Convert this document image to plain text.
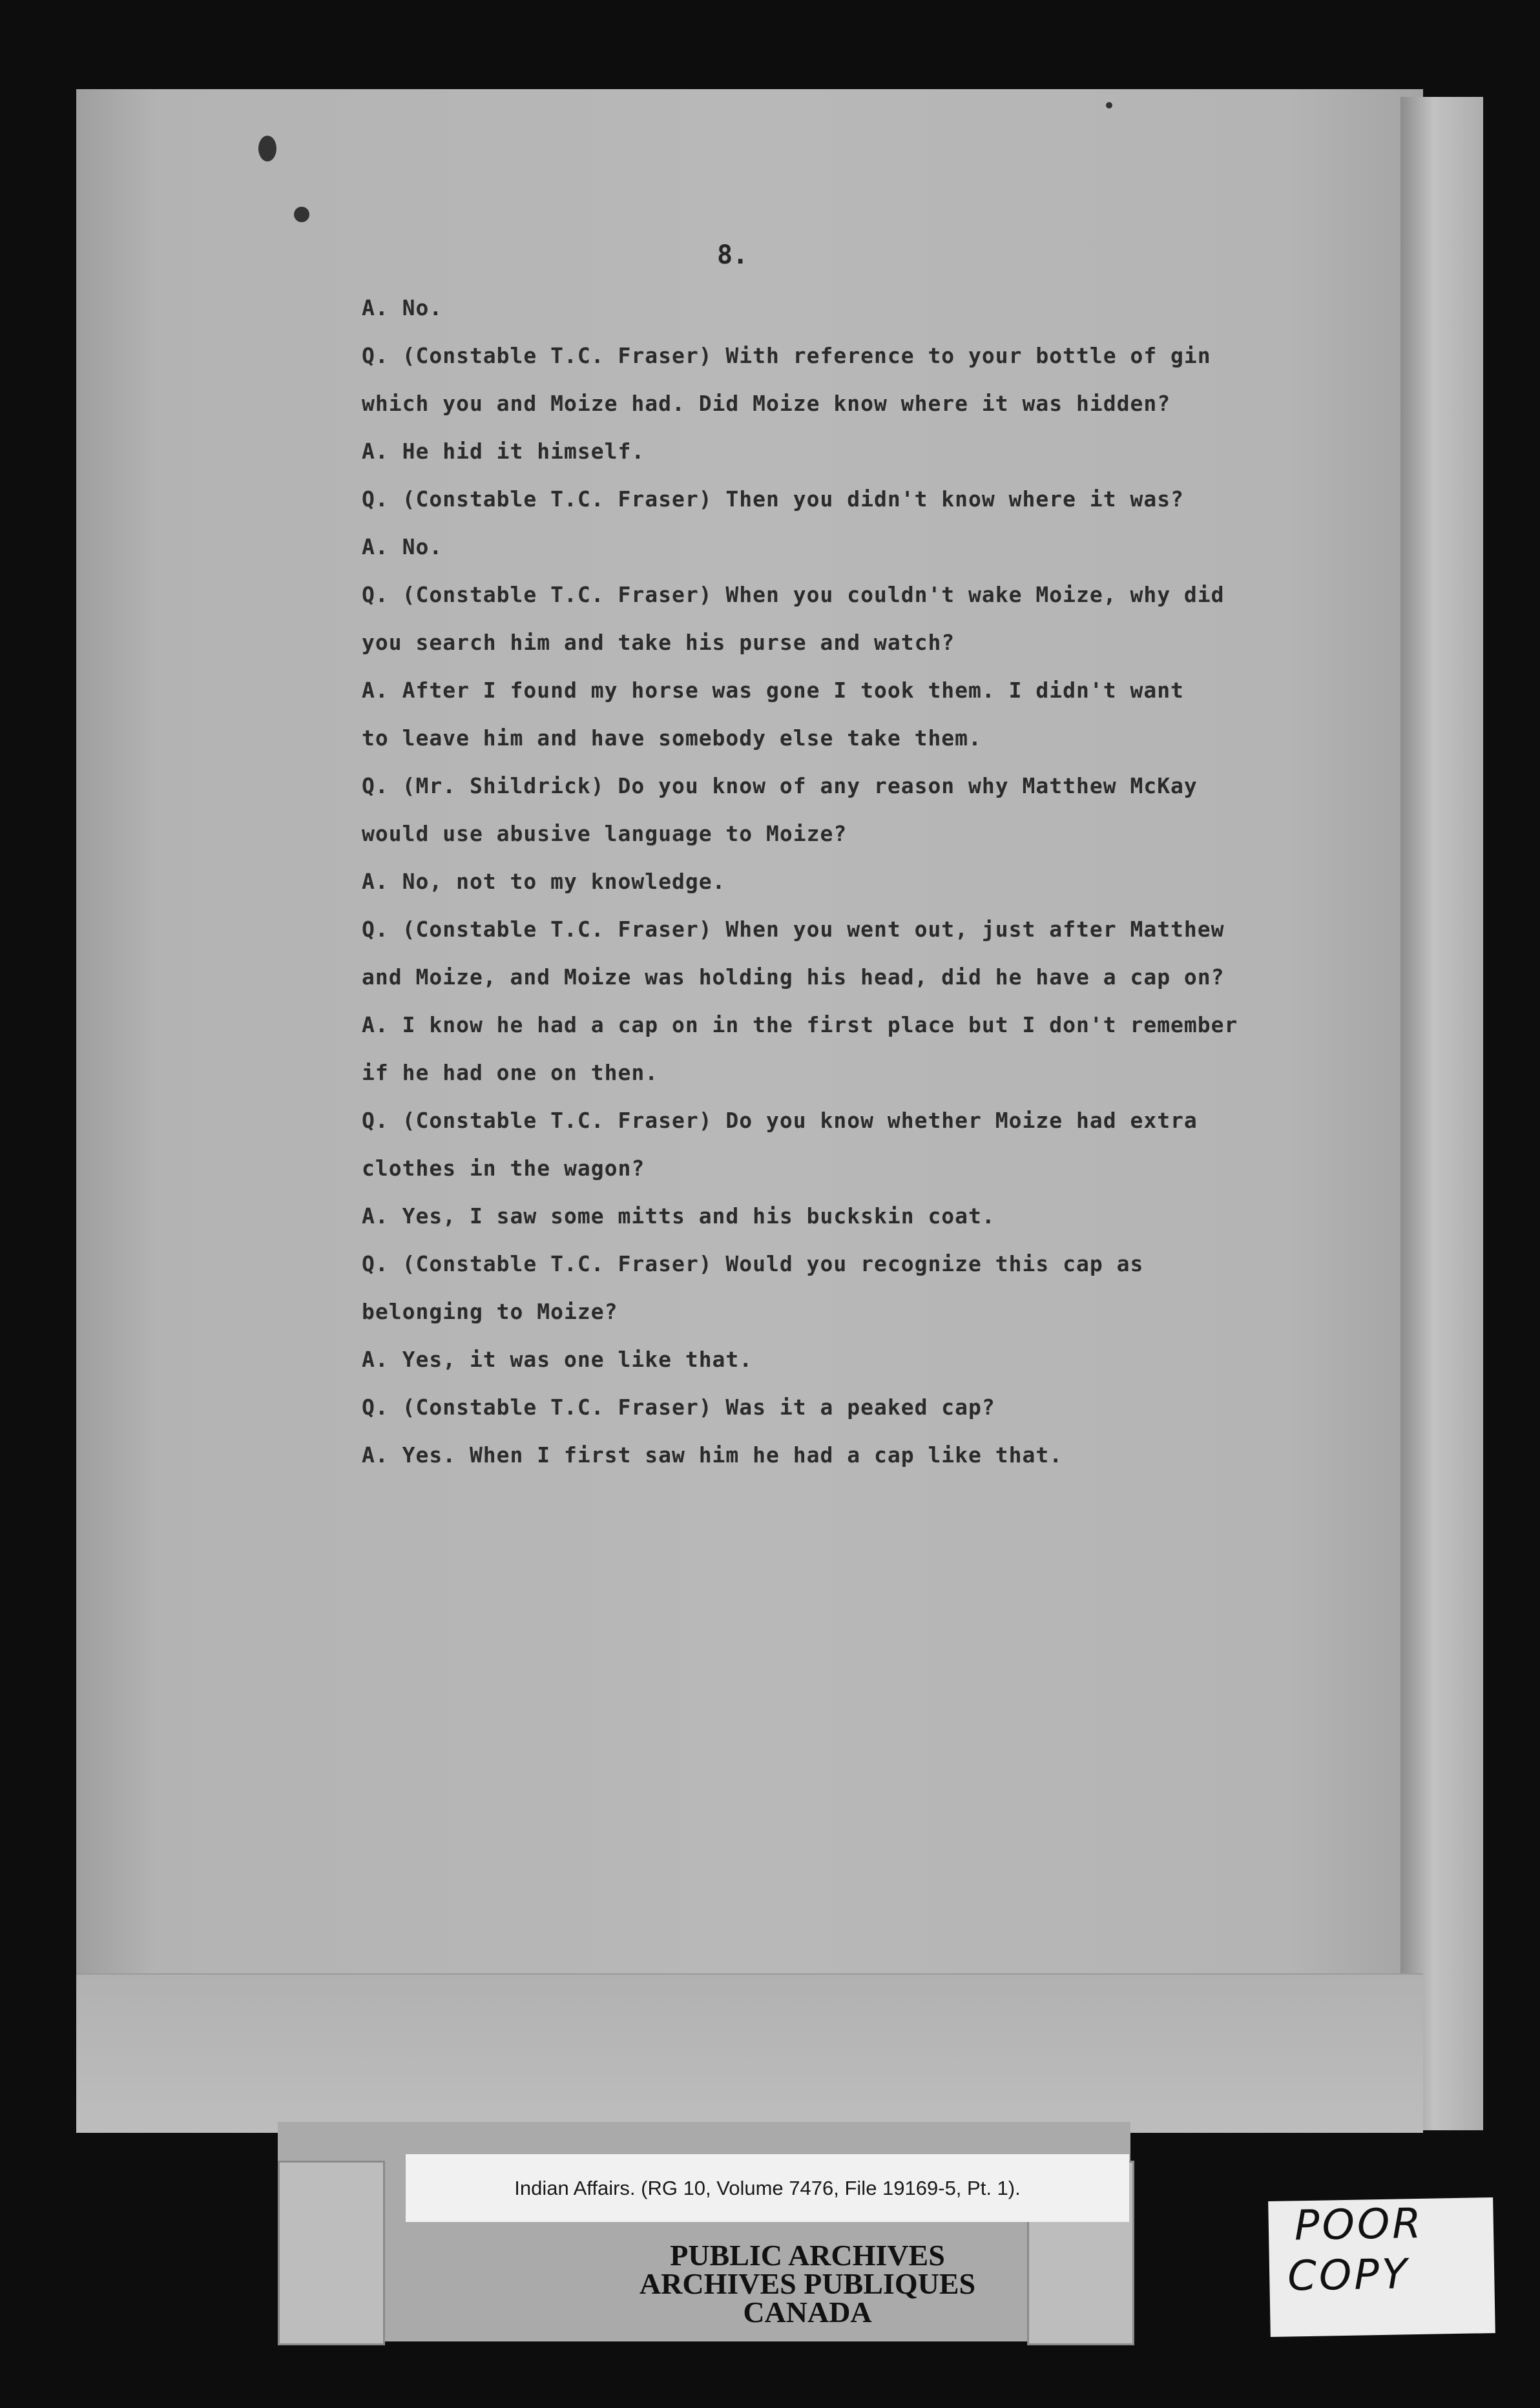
8.
A. No.
Q. (Constable T.C. Fraser) With reference to your bottle of gin
which you and Moize had. Did Moize know where it was hidden?
A. He hid it himself.
Q. (Constable T.C. Fraser) Then you didn't know where it was?
A. No.
Q. (Constable T.C. Fraser) When you couldn't wake Moize, why did
you search him and take his purse and watch?
A. After I found my horse was gone I took them. I didn't want
to leave him and have somebody else take them.
Q. (Mr. Shildrick) Do you know of any reason why Matthew McKay
would use abusive language to Moize?
A. No, not to my knowledge.
Q. (Constable T.C. Fraser) When you went out, just after Matthew
and Moize, and Moize was holding his head, did he have a cap on?
A. I know he had a cap on in the first place but I don't remember
if he had one on then.
Q. (Constable T.C. Fraser) Do you know whether Moize had extra
clothes in the wagon?
A. Yes, I saw some mitts and his buckskin coat.
Q. (Constable T.C. Fraser) Would you recognize this cap as
belonging to Moize?
A. Yes, it was one like that.
Q. (Constable T.C. Fraser) Was it a peaked cap?
A. Yes. When I first saw him he had a cap like that.
Indian Affairs. (RG 10, Volume 7476, File 19169-5, Pt. 1).
PUBLIC ARCHIVES
ARCHIVES PUBLIQUES
CANADA
POOR
COPY
